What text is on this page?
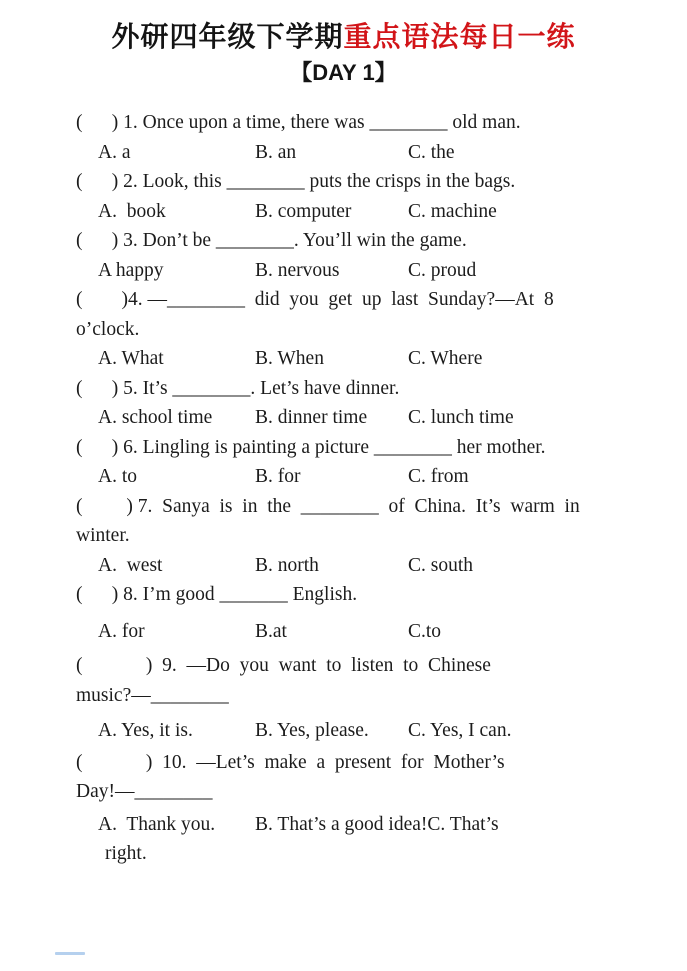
外研四年级下学期重点语法每日一练
【DAY 1】
(      ) 1. Once upon a time, there was ________ old man.
A. a	B. an	C. the
(      ) 2. Look, this ________ puts the crisps in the bags.
A.  book	B. computer	C. machine
(      ) 3. Don’t be ________. You’ll win the game.
A happy	B. nervous	C. proud
(        )4. —________  did  you  get  up  last  Sunday?—At  8
o’clock.
A. What	B. When	C. Where
(      ) 5. It’s ________. Let’s have dinner.
A. school time	B. dinner time	C. lunch time
(      ) 6. Lingling is painting a picture ________ her mother.
A. to	B. for	C. from
(         ) 7.  Sanya  is  in  the  ________  of  China.  It’s  warm  in
winter.
A.  west	B. north	C. south
(      ) 8. I’m good _______ English.
A. for	B.at	C.to
(             )  9.  —Do  you  want  to  listen  to  Chinese
music?—________
A. Yes, it is.	B. Yes, please.	C. Yes, I can.
(             )  10.  —Let’s  make  a  present  for  Mother’s
Day!—________
A.  Thank you.	B. That’s a good idea! C. That’s
right.
